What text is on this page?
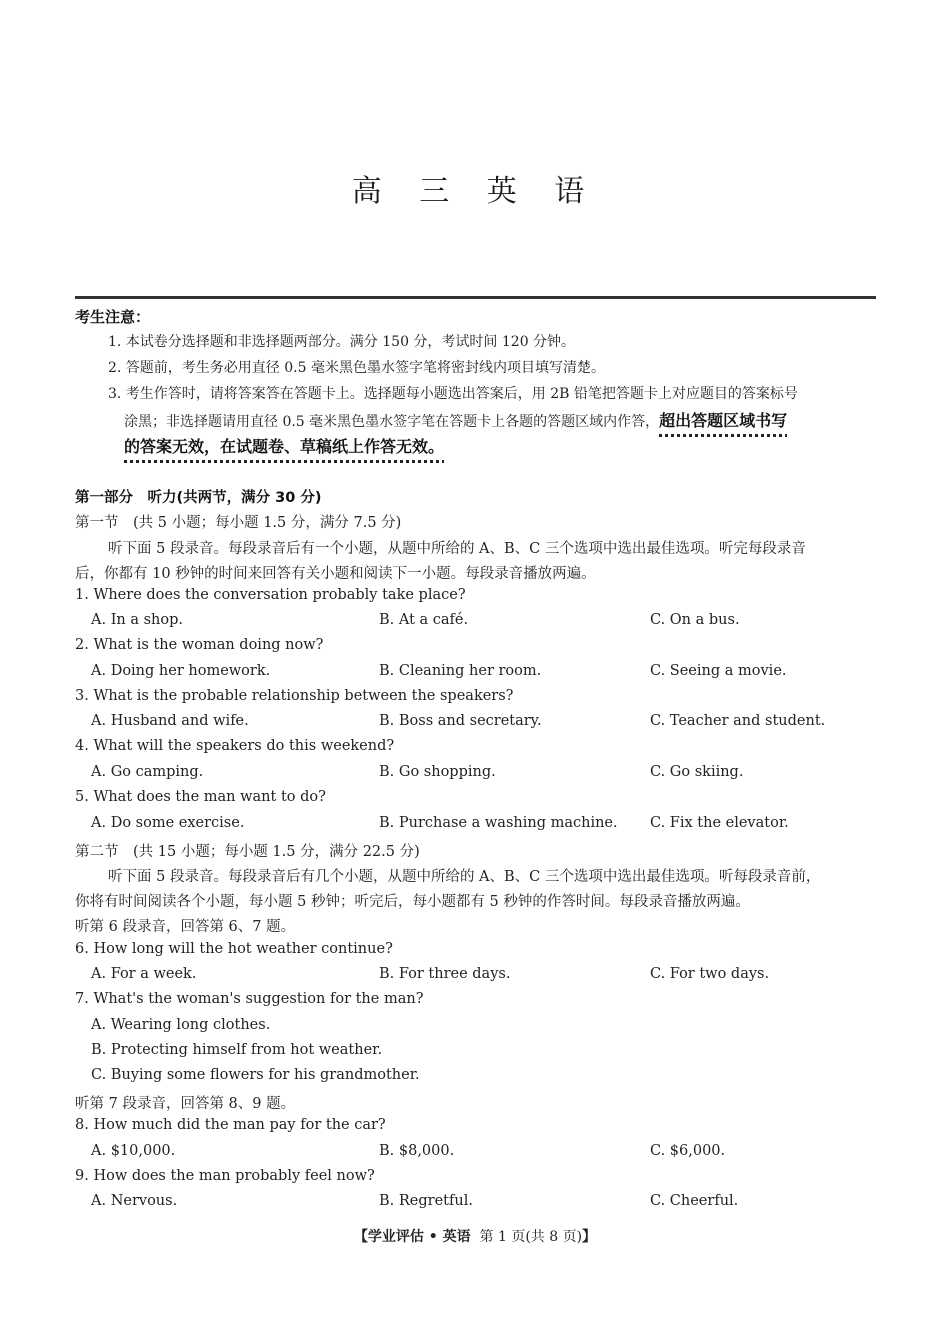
高 三 英 语
考生注意：
1. 本试卷分选择题和非选择题两部分。满分 150 分，考试时间 120 分钟。
2. 答题前，考生务必用直径 0.5 毫米黑色墨水签字笔将密封线内项目填写清楚。
3. 考生作答时，请将答案答在答题卡上。选择题每小题选出答案后，用 2B 铅笔把答题卡上对应题目的答案标号
涂黑；非选择题请用直径 0.5 毫米黑色墨水签字笔在答题卡上各题的答题区域内作答，超出答题区域书写
的答案无效，在试题卷、草稿纸上作答无效。
第一部分　听力(共两节，满分 30 分)
第一节　(共 5 小题；每小题 1.5 分，满分 7.5 分)
听下面 5 段录音。每段录音后有一个小题，从题中所给的 A、B、C 三个选项中选出最佳选项。听完每段录音
后，你都有 10 秒钟的时间来回答有关小题和阅读下一小题。每段录音播放两遍。
1. Where does the conversation probably take place?
A. In a shop.	B. At a café.	C. On a bus.
2. What is the woman doing now?
A. Doing her homework.	B. Cleaning her room.	C. Seeing a movie.
3. What is the probable relationship between the speakers?
A. Husband and wife.	B. Boss and secretary.	C. Teacher and student.
4. What will the speakers do this weekend?
A. Go camping.	B. Go shopping.	C. Go skiing.
5. What does the man want to do?
A. Do some exercise.	B. Purchase a washing machine. C. Fix the elevator.
第二节　(共 15 小题；每小题 1.5 分，满分 22.5 分)
听下面 5 段录音。每段录音后有几个小题，从题中所给的 A、B、C 三个选项中选出最佳选项。听每段录音前，
你将有时间阅读各个小题，每小题 5 秒钟；听完后，每小题都有 5 秒钟的作答时间。每段录音播放两遍。
听第 6 段录音，回答第 6、7 题。
6. How long will the hot weather continue?
A. For a week.	B. For three days.	C. For two days.
7. What's the woman's suggestion for the man?
A. Wearing long clothes.
B. Protecting himself from hot weather.
C. Buying some flowers for his grandmother.
听第 7 段录音，回答第 8、9 题。
8. How much did the man pay for the car?
A. $10,000.	B. $8,000.	C. $6,000.
9. How does the man probably feel now?
A. Nervous.	B. Regretful.	C. Cheerful.
【学业评估 • 英语 第 1 页(共 8 页)】
